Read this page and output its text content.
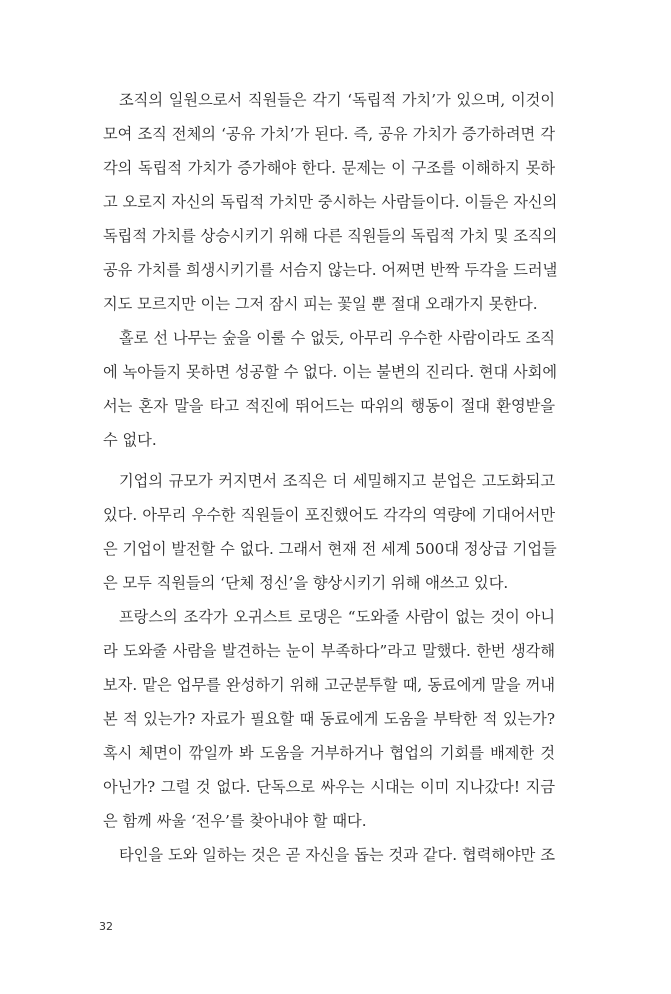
조직의 일원으로서 직원들은 각기 ‘독립적 가치’가 있으며, 이것이
모여 조직 전체의 ‘공유 가치’가 된다. 즉, 공유 가치가 증가하려면 각
각의 독립적 가치가 증가해야 한다. 문제는 이 구조를 이해하지 못하
고 오로지 자신의 독립적 가치만 중시하는 사람들이다. 이들은 자신의
독립적 가치를 상승시키기 위해 다른 직원들의 독립적 가치 및 조직의
공유 가치를 희생시키기를 서슴지 않는다. 어쩌면 반짝 두각을 드러낼
지도 모르지만 이는 그저 잠시 피는 꽃일 뿐 절대 오래가지 못한다.
홀로 선 나무는 숲을 이룰 수 없듯, 아무리 우수한 사람이라도 조직
에 녹아들지 못하면 성공할 수 없다. 이는 불변의 진리다. 현대 사회에
서는 혼자 말을 타고 적진에 뛰어드는 따위의 행동이 절대 환영받을
수 없다.
기업의 규모가 커지면서 조직은 더 세밀해지고 분업은 고도화되고
있다. 아무리 우수한 직원들이 포진했어도 각각의 역량에 기대어서만
은 기업이 발전할 수 없다. 그래서 현재 전 세계 500대 정상급 기업들
은 모두 직원들의 ‘단체 정신’을 향상시키기 위해 애쓰고 있다.
프랑스의 조각가 오귀스트 로댕은 “도와줄 사람이 없는 것이 아니
라 도와줄 사람을 발견하는 눈이 부족하다”라고 말했다. 한번 생각해
보자. 맡은 업무를 완성하기 위해 고군분투할 때, 동료에게 말을 꺼내
본 적 있는가? 자료가 필요할 때 동료에게 도움을 부탁한 적 있는가?
혹시 체면이 깎일까 봐 도움을 거부하거나 협업의 기회를 배제한 것
아닌가? 그럴 것 없다. 단독으로 싸우는 시대는 이미 지나갔다! 지금
은 함께 싸울 ‘전우’를 찾아내야 할 때다.
타인을 도와 일하는 것은 곧 자신을 돕는 것과 같다. 협력해야만 조
32
